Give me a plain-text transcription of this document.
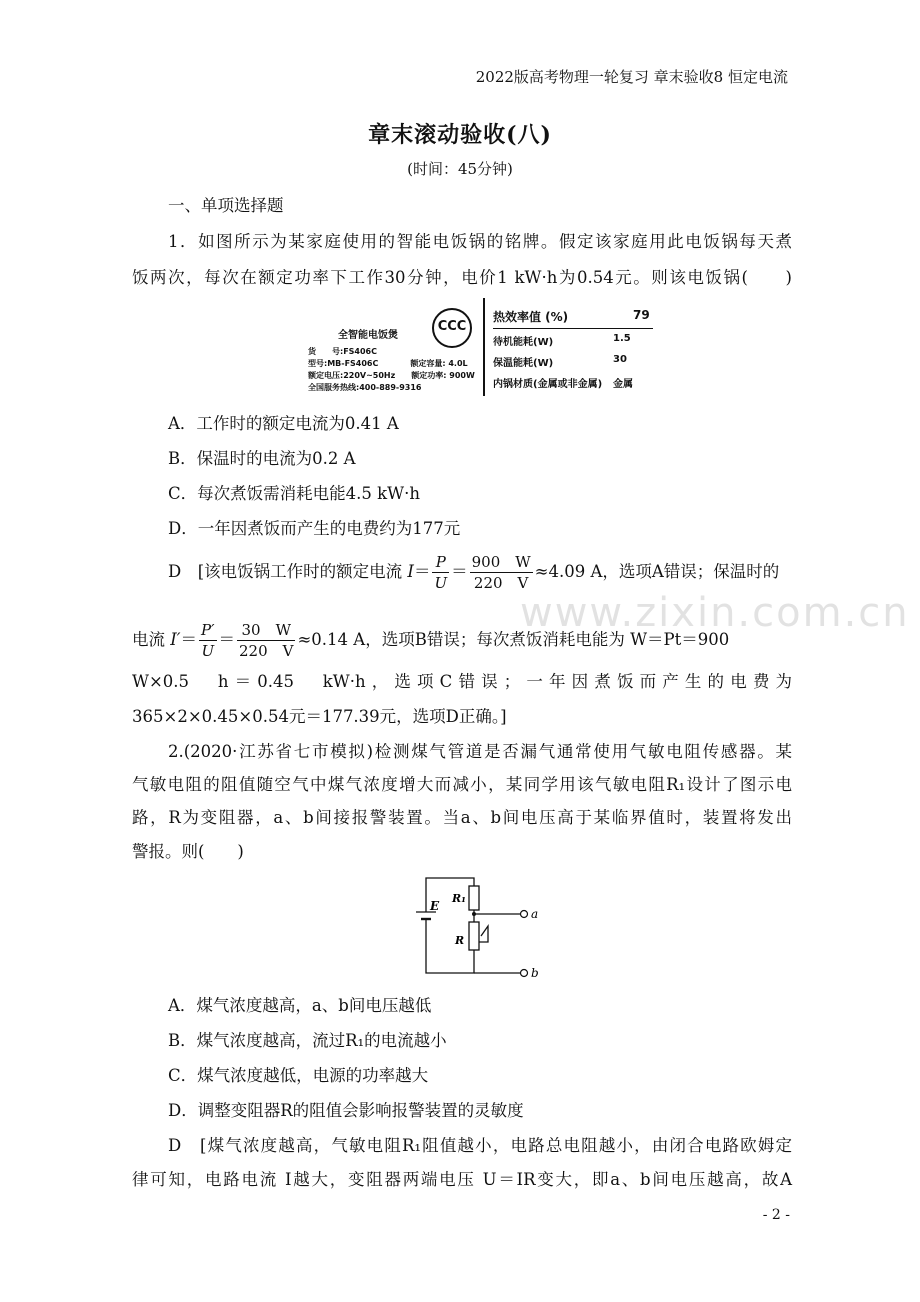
2022版高考物理一轮复习 章末验收8 恒定电流
章末滚动验收(八)
(时间：45分钟)
一、单项选择题
1．如图所示为某家庭使用的智能电饭锅的铭牌。假定该家庭用此电饭锅每天煮
饭两次，每次在额定功率下工作30分钟，电价1 kW·h为0.54元。则该电饭锅(　　)
CCC
全智能电饭煲
货　　号:FS406C
型号:MB-FS406C　　　　额定容量: 4.0L
额定电压:220V~50Hz　　额定功率: 900W
全国服务热线:400-889-9316
热效率值 (%)	79
待机能耗(W)	1.5
保温能耗(W)	30
内锅材质(金属或非金属) 金属
A．工作时的额定电流为0.41 A
B．保温时的电流为0.2 A
C．每次煮饭需消耗电能4.5 kW·h
D．一年因煮饭而产生的电费约为177元
D　[该电饭锅工作时的额定电流 $I= \frac{P}{U} = \frac{900 W}{220 V} \approx 4.09$ A，选项A错误；保温时的
电流 $I'= \frac{P'}{U} = \frac{30 W}{220 V} \approx 0.14$ A，选项B错误；每次煮饭消耗电能为 W＝Pt＝900
W×0.5　h＝0.45　kW·h，选项C错误；一年因煮饭而产生的电费为
365×2×0.45×0.54元＝177.39元，选项D正确。]
2.(2020·江苏省七市模拟)检测煤气管道是否漏气通常使用气敏电阻传感器。某
气敏电阻的阻值随空气中煤气浓度增大而减小，某同学用该气敏电阻R₁设计了图示电
路，R为变阻器，a、b间接报警装置。当a、b间电压高于某临界值时，装置将发出
警报。则(　　)
E
R₁
R
a
b
A．煤气浓度越高，a、b间电压越低
B．煤气浓度越高，流过R₁的电流越小
C．煤气浓度越低，电源的功率越大
D．调整变阻器R的阻值会影响报警装置的灵敏度
D　[煤气浓度越高，气敏电阻R₁阻值越小，电路总电阻越小，由闭合电路欧姆定
律可知，电路电流 I越大，变阻器两端电压 U＝IR变大，即a、b间电压越高，故A
www.zixin.com.cn
- 2 -
